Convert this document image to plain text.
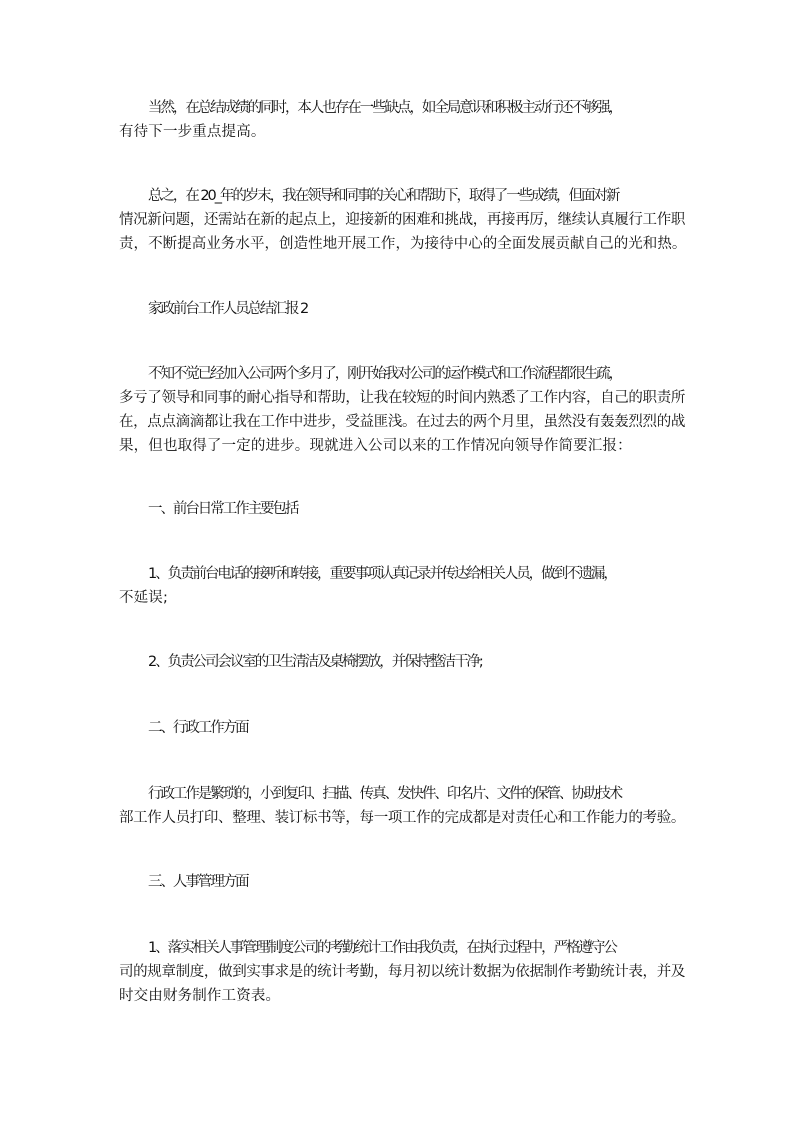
当然，在总结成绩的同时，本人也存在一些缺点，如全局意识和积极主动行还不够强，
有待下一步重点提高。
总之，在 20_年的岁末，我在领导和同事的关心和帮助下，取得了一些成绩，但面对新
情况新问题，还需站在新的起点上，迎接新的困难和挑战，再接再厉，继续认真履行工作职
责，不断提高业务水平，创造性地开展工作，为接待中心的全面发展贡献自己的光和热。
家政前台工作人员总结汇报 2
不知不觉已经加入公司两个多月了，刚开始我对公司的运作模式和工作流程都很生疏，
多亏了领导和同事的耐心指导和帮助，让我在较短的时间内熟悉了工作内容，自己的职责所
在，点点滴滴都让我在工作中进步，受益匪浅。在过去的两个月里，虽然没有轰轰烈烈的战
果，但也取得了一定的进步。现就进入公司以来的工作情况向领导作简要汇报：
一、前台日常工作主要包括
1、负责前台电话的接听和转接，重要事项认真记录并传达给相关人员，做到不遗漏，
不延误;
2、负责公司会议室的卫生清洁及桌椅摆放，并保持整洁干净;
二、行政工作方面
行政工作是繁琐的，小到复印、扫描、传真、发快件、印名片、文件的保管、协助技术
部工作人员打印、整理、装订标书等，每一项工作的完成都是对责任心和工作能力的考验。
三、人事管理方面
1、落实相关人事管理制度公司的考勤统计工作由我负责，在执行过程中，严格遵守公
司的规章制度，做到实事求是的统计考勤，每月初以统计数据为依据制作考勤统计表，并及
时交由财务制作工资表。
